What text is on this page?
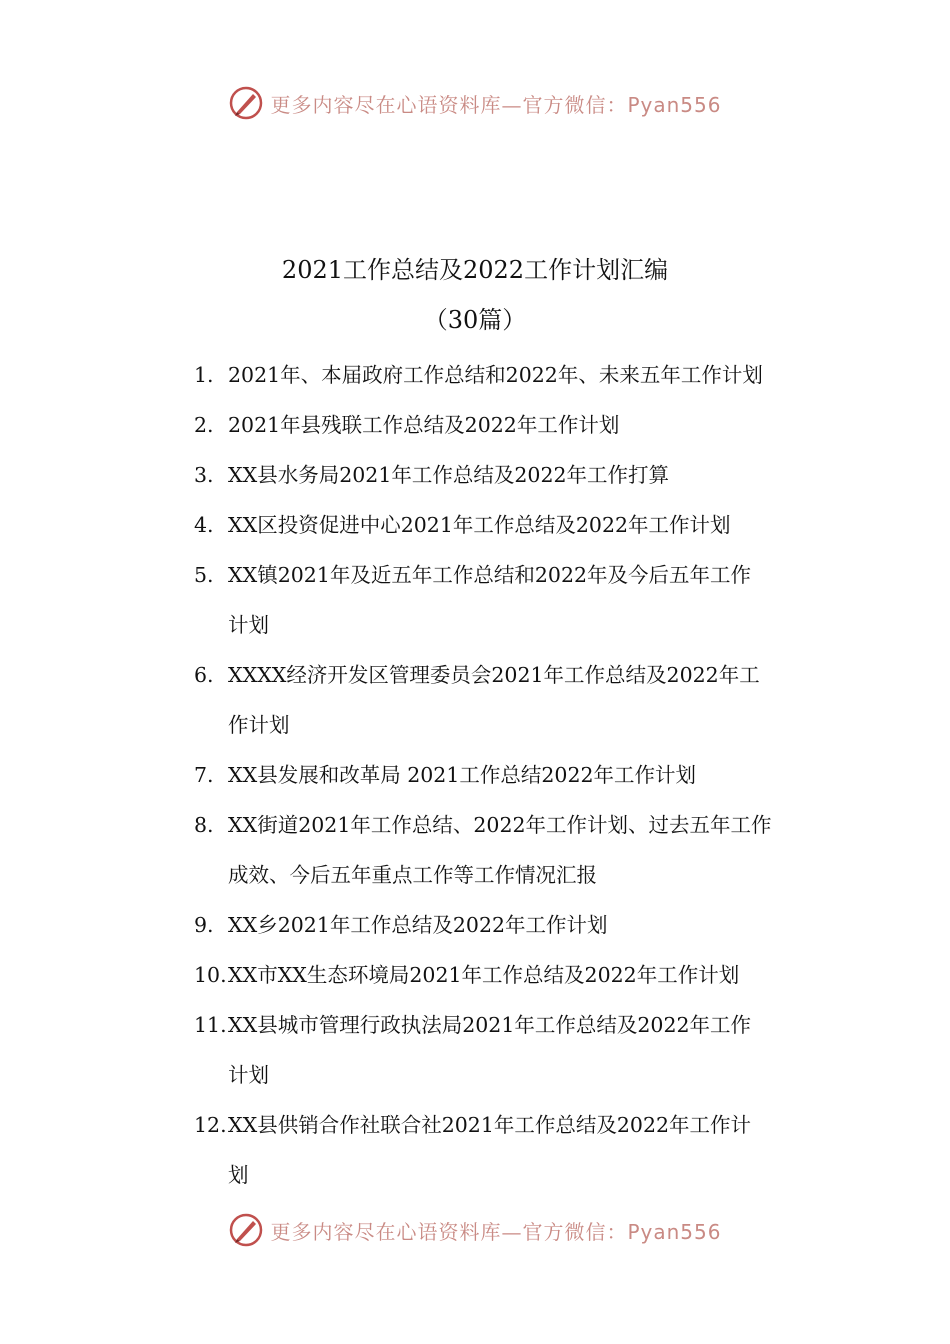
更多内容尽在心语资料库—官方微信：Pyan556
2021工作总结及2022工作计划汇编
（30篇）
1. 2021年、本届政府工作总结和2022年、未来五年工作计划
2. 2021年县残联工作总结及2022年工作计划
3. XX县水务局2021年工作总结及2022年工作打算
4. XX区投资促进中心2021年工作总结及2022年工作计划
5. XX镇2021年及近五年工作总结和2022年及今后五年工作
计划
6. XXXX经济开发区管理委员会2021年工作总结及2022年工
作计划
7. XX县发展和改革局 2021工作总结2022年工作计划
8. XX街道2021年工作总结、2022年工作计划、过去五年工作
成效、今后五年重点工作等工作情况汇报
9. XX乡2021年工作总结及2022年工作计划
10. XX市XX生态环境局2021年工作总结及2022年工作计划
11. XX县城市管理行政执法局2021年工作总结及2022年工作
计划
12. XX县供销合作社联合社2021年工作总结及2022年工作计
划
更多内容尽在心语资料库—官方微信：Pyan556
